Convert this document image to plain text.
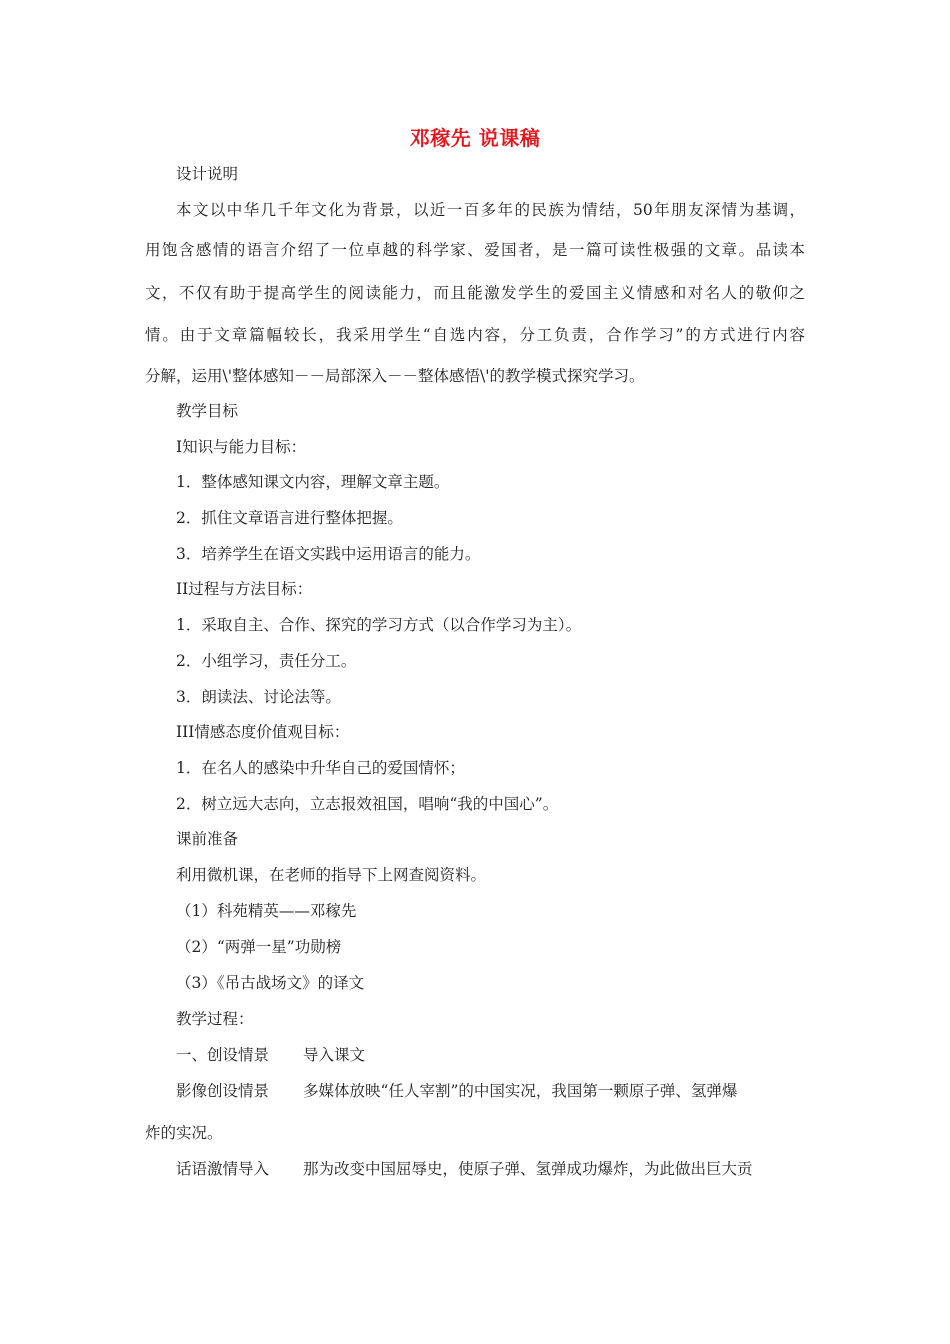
邓稼先 说课稿
设计说明
本文以中华几千年文化为背景，以近一百多年的民族为情结，50年朋友深情为基调，
用饱含感情的语言介绍了一位卓越的科学家、爱国者，是一篇可读性极强的文章。品读本
文，不仅有助于提高学生的阅读能力，而且能激发学生的爱国主义情感和对名人的敬仰之
情。由于文章篇幅较长，我采用学生“自选内容，分工负责，合作学习”的方式进行内容
分解，运用\'整体感知－－局部深入－－整体感悟\'的教学模式探究学习。
教学目标
I知识与能力目标：
1．整体感知课文内容，理解文章主题。
2．抓住文章语言进行整体把握。
3．培养学生在语文实践中运用语言的能力。
II过程与方法目标：
1．采取自主、合作、探究的学习方式（以合作学习为主）。
2．小组学习，责任分工。
3．朗读法、讨论法等。
III情感态度价值观目标：
1．在名人的感染中升华自己的爱国情怀；
2．树立远大志向，立志报效祖国，唱响“我的中国心”。
课前准备
利用微机课，在老师的指导下上网查阅资料。
（1）科苑精英——邓稼先
（2）“两弹一星”功勋榜
（3）《吊古战场文》的译文
教学过程：
一、创设情景 导入课文
影像创设情景 多媒体放映“任人宰割”的中国实况，我国第一颗原子弹、氢弹爆
炸的实况。
话语激情导入 那为改变中国屈辱史，使原子弹、氢弹成功爆炸，为此做出巨大贡
